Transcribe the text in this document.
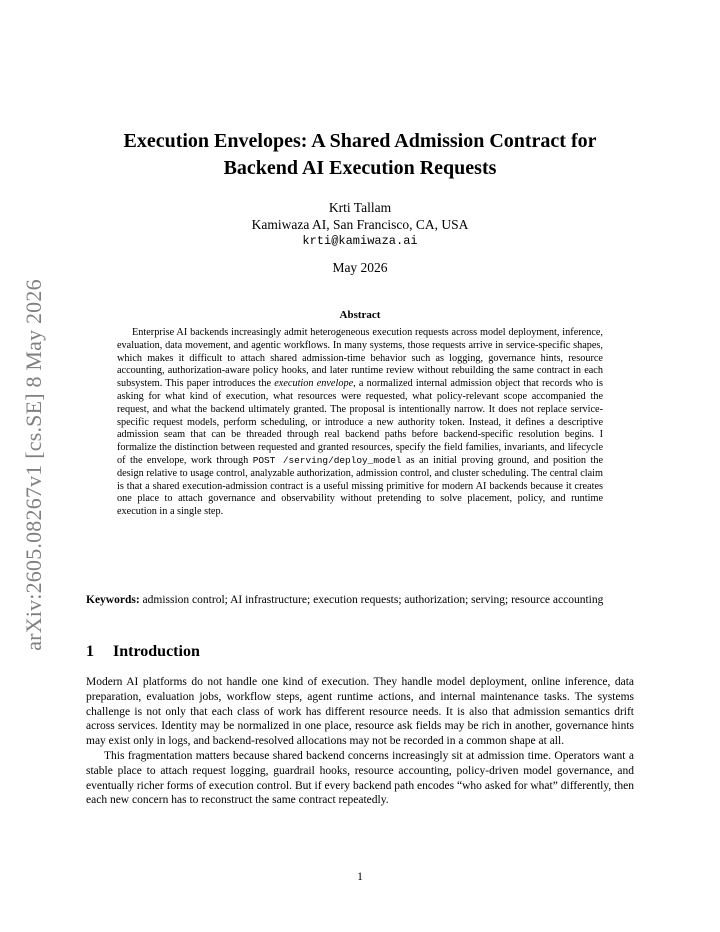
arXiv:2605.08267v1 [cs.SE] 8 May 2026
Execution Envelopes: A Shared Admission Contract for
Backend AI Execution Requests
Krti Tallam
Kamiwaza AI, San Francisco, CA, USA
krti@kamiwaza.ai
May 2026
Abstract
Enterprise AI backends increasingly admit heterogeneous execution requests across model deployment, inference, evaluation, data movement, and agentic workflows. In many systems, those requests arrive in service-specific shapes, which makes it difficult to attach shared admission-time behavior such as logging, governance hints, resource accounting, authorization-aware policy hooks, and later runtime review without rebuilding the same contract in each subsystem. This paper introduces the execution envelope, a normalized internal admission object that records who is asking for what kind of execution, what resources were requested, what policy-relevant scope accompanied the request, and what the backend ultimately granted. The proposal is intentionally narrow. It does not replace service-specific request models, perform scheduling, or introduce a new authority token. Instead, it defines a descriptive admission seam that can be threaded through real backend paths before backend-specific resolution begins. I formalize the distinction between requested and granted resources, specify the field families, invariants, and lifecycle of the envelope, work through POST /serving/deploy_model as an initial proving ground, and position the design relative to usage control, analyzable authorization, admission control, and cluster scheduling. The central claim is that a shared execution-admission contract is a useful missing primitive for modern AI backends because it creates one place to attach governance and observability without pretending to solve placement, policy, and runtime execution in a single step.
Keywords: admission control; AI infrastructure; execution requests; authorization; serving; resource accounting
1 Introduction

Modern AI platforms do not handle one kind of execution. They handle model deployment, online inference, data preparation, evaluation jobs, workflow steps, agent runtime actions, and internal maintenance tasks. The systems challenge is not only that each class of work has different resource needs. It is also that admission semantics drift across services. Identity may be normalized in one place, resource ask fields may be rich in another, governance hints may exist only in logs, and backend-resolved allocations may not be recorded in a common shape at all.

This fragmentation matters because shared backend concerns increasingly sit at admission time. Operators want a stable place to attach request logging, guardrail hooks, resource accounting, policy-driven model governance, and eventually richer forms of execution control. But if every backend path encodes “who asked for what” differently, then each new concern has to reconstruct the same contract repeatedly.

1
